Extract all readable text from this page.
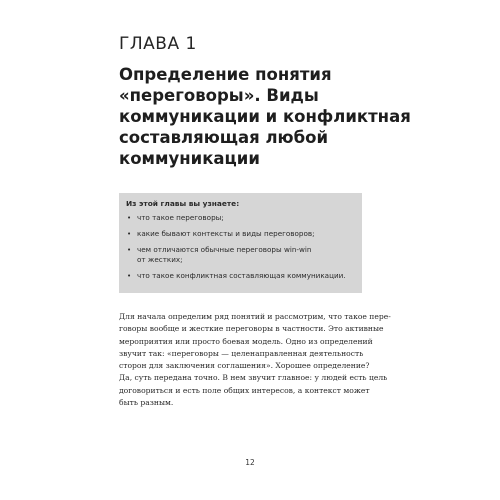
ГЛАВА 1
Определение понятия
«переговоры». Виды
коммуникации и конфликтная
составляющая любой
коммуникации
Из этой главы вы узнаете:
• что такое переговоры;
• какие бывают контексты и виды переговоров;
• чем отличаются обычные переговоры win-win
от жестких;
• что такое конфликтная составляющая коммуникации.

Для начала определим ряд понятий и рассмотрим, что такое пере-
говоры вообще и жесткие переговоры в частности. Это активные
мероприятия или просто боевая модель. Одно из определений
звучит так: «переговоры — целенаправленная деятельность
сторон для заключения соглашения». Хорошее определение?
Да, суть передана точно. В нем звучит главное: у людей есть цель
договориться и есть поле общих интересов, а контекст может
быть разным.

12
